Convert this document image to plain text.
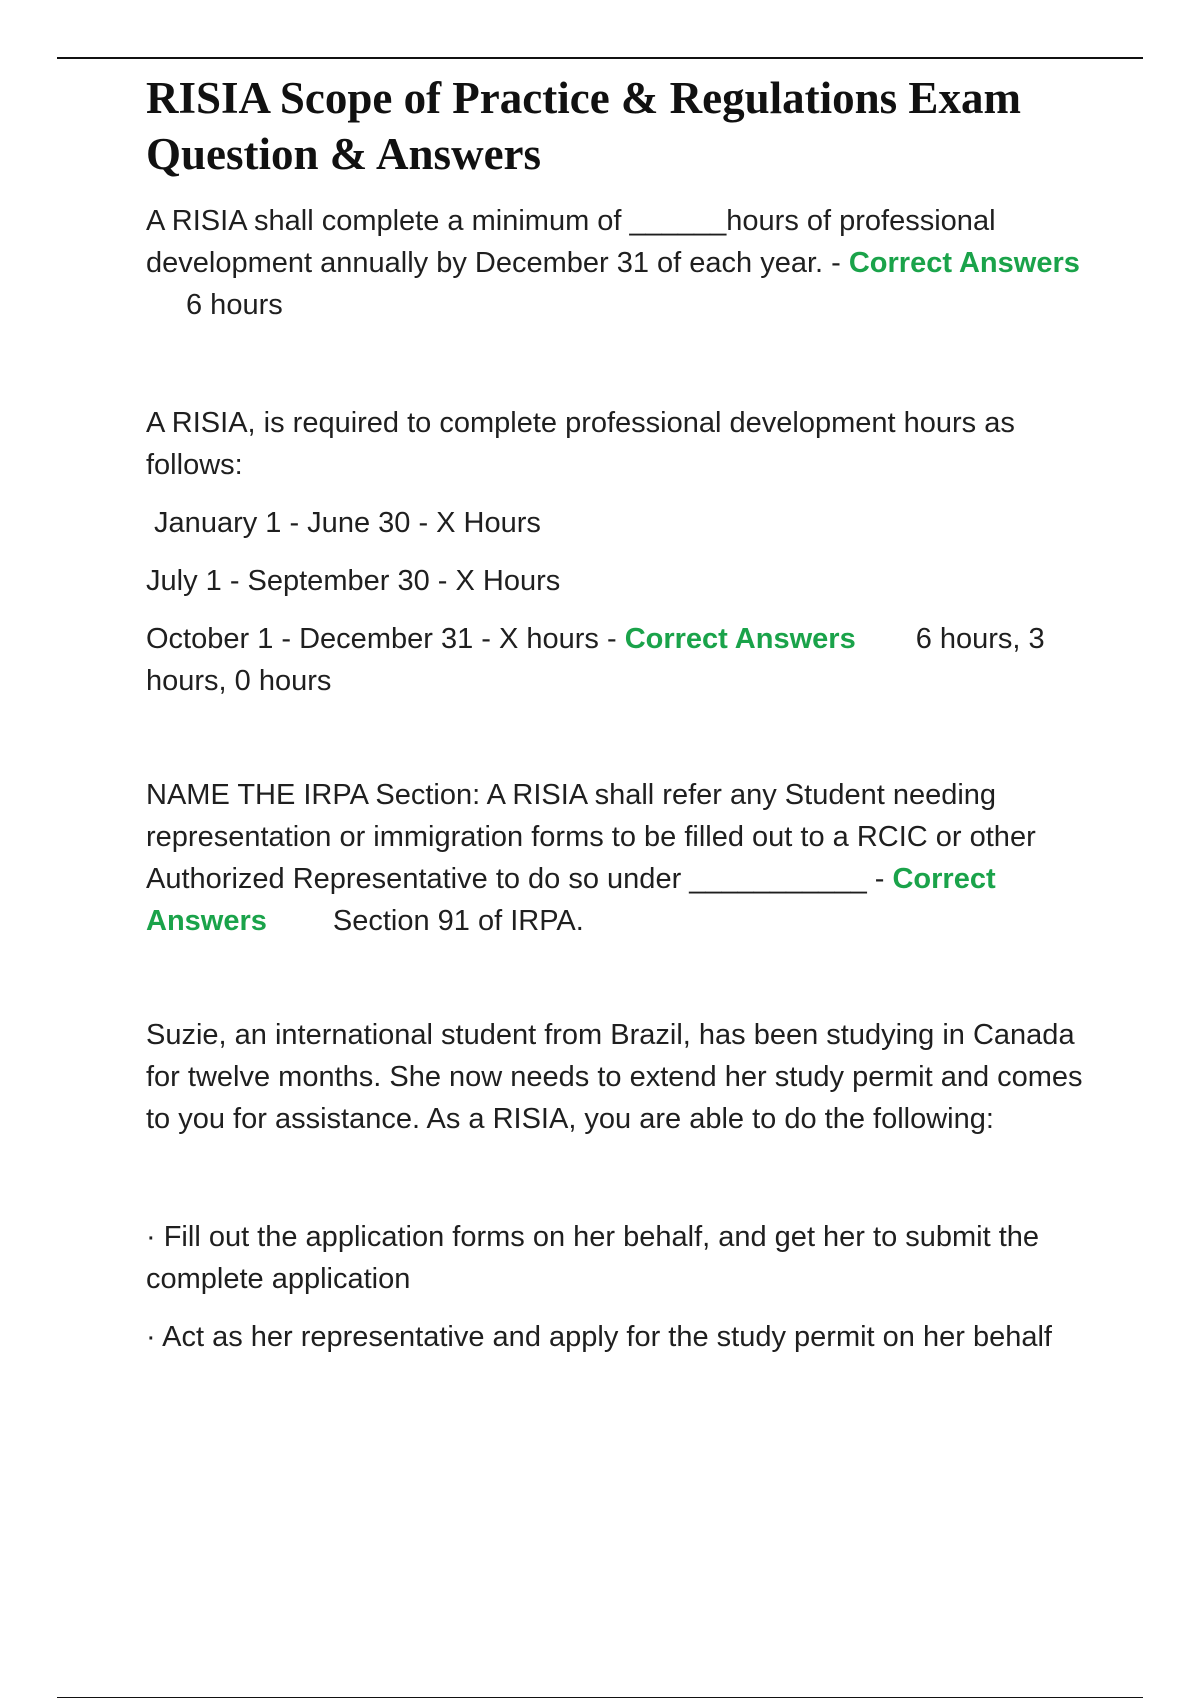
RISIA Scope of Practice & Regulations Exam Question & Answers

A RISIA shall complete a minimum of ______hours of professional

development annually by December 31 of each year. - Correct Answers

6 hours

A RISIA, is required to complete professional development hours as follows:

January 1 - June 30 - X Hours

July 1 - September 30 - X Hours

October 1 - December 31 - X hours - Correct Answers 6 hours, 3 hours, 0 hours

NAME THE IRPA Section: A RISIA shall refer any Student needing representation or immigration forms to be filled out to a RCIC or other Authorized Representative to do so under ___________ - Correct Answers Section 91 of IRPA.

Suzie, an international student from Brazil, has been studying in Canada for twelve months. She now needs to extend her study permit and comes to you for assistance. As a RISIA, you are able to do the following:

· Fill out the application forms on her behalf, and get her to submit the complete application

· Act as her representative and apply for the study permit on her behalf
